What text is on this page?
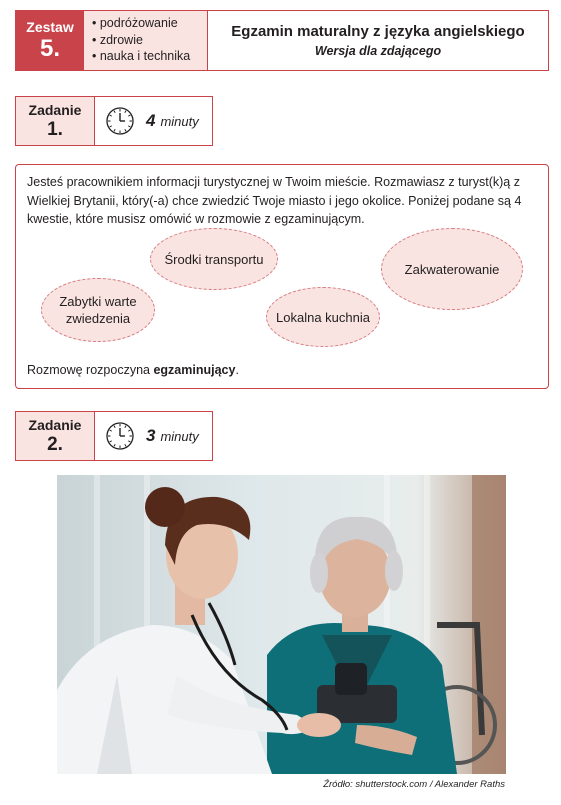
Zestaw
5.
• podróżowanie
• zdrowie
• nauka i technika
Egzamin maturalny z języka angielskiego
Wersja dla zdającego
Zadanie
1.	4 minuty
Jesteś pracownikiem informacji turystycznej w Twoim mieście. Rozmawiasz z turyst(k)ą z Wielkiej Brytanii, który(-a) chce zwiedzić Twoje miasto i jego okolice. Poniżej podane są 4 kwestie, które musisz omówić w rozmowie z egzaminującym.
Środki transportu
Zakwaterowanie
Zabytki warte zwiedzenia	Lokalna kuchnia
Rozmowę rozpoczyna egzaminujący.
Zadanie
2.	3 minuty
Źródło: shutterstock.com / Alexander Raths
